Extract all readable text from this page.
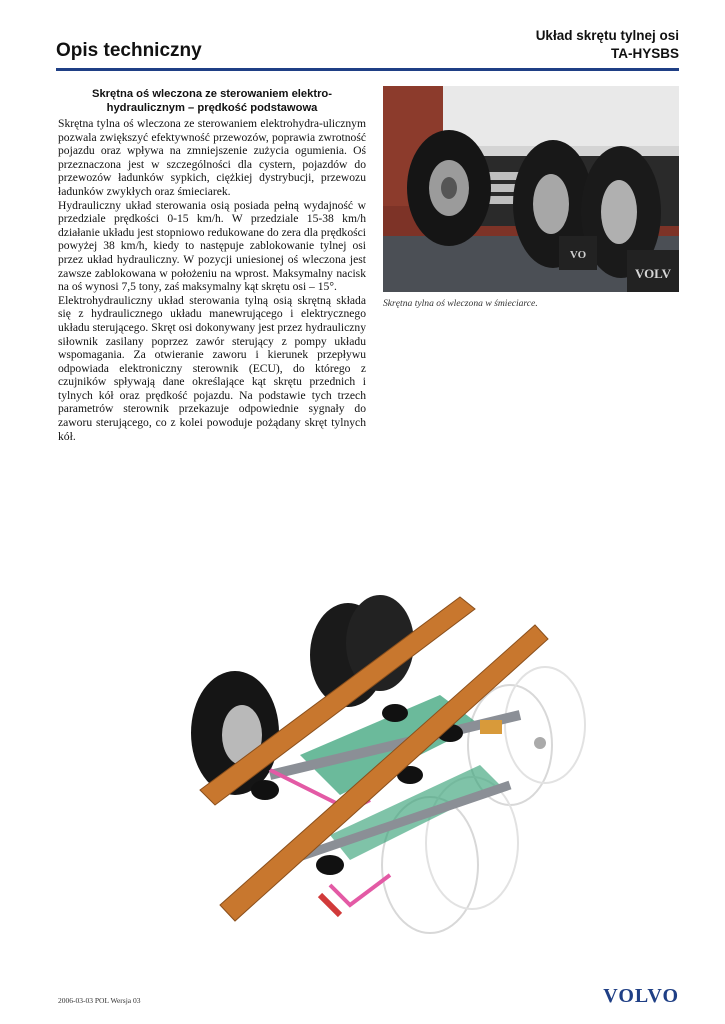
Opis techniczny
Układ skrętu tylnej osi
TA-HYSBS
Skrętna oś wleczona ze sterowaniem elektro-
hydraulicznym – prędkość podstawowa

Skrętna tylna oś wleczona ze sterowaniem elektrohydra-ulicznym pozwala zwiększyć efektywność przewozów, poprawia zwrotność pojazdu oraz wpływa na zmniejszenie zużycia ogumienia. Oś przeznaczona jest w szczególności dla cystern, pojazdów do przewozów ładunków sypkich, ciężkiej dystrybucji, przewozu ładunków zwykłych oraz śmieciarek.

Hydrauliczny układ sterowania osią posiada pełną wydajność w przedziale prędkości 0-15 km/h. W przedziale 15-38 km/h działanie układu jest stopniowo redukowane do zera dla prędkości powyżej 38 km/h, kiedy to następuje zablokowanie tylnej osi przez układ hydrauliczny. W pozycji uniesionej oś wleczona jest zawsze zablokowana w położeniu na wprost. Maksymalny nacisk na oś wynosi 7,5 tony, zaś maksymalny kąt skrętu osi – 15°.

Elektrohydrauliczny układ sterowania tylną osią skrętną składa się z hydraulicznego układu manewrującego i elektrycznego układu sterującego. Skręt osi dokonywany jest przez hydrauliczny siłownik zasilany poprzez zawór sterujący z pompy układu wspomagania. Za otwieranie zaworu i kierunek przepływu odpowiada elektroniczny sterownik (ECU), do którego z czujników spływają dane określające kąt skrętu przednich i tylnych kół oraz prędkość pojazdu. Na podstawie tych trzech parametrów sterownik przekazuje odpowiednie sygnały do zaworu sterującego, co z kolei powoduje pożądany skręt tylnych kół.

VO
VOLV
Skrętna tylna oś wleczona w śmieciarce.
2006-03-03 POL Wersja 03	VOLVO
